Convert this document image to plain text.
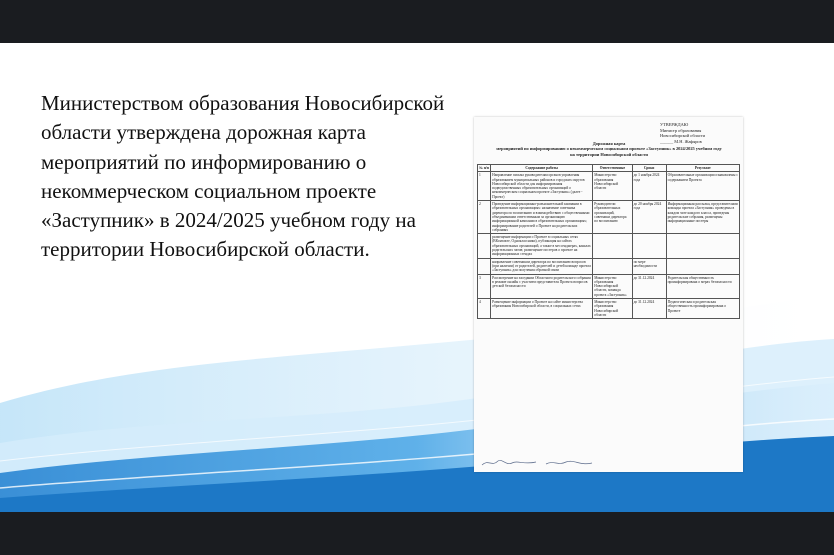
Министерством образования Новосибирской области утверждена дорожная карта мероприятий по информированию о некоммерческом социальном проекте «Заступник» в 2024/2025 учебном году на территории Новосибирской области.
УТВЕРЖДАЮ
Министр образования
Новосибирской области
______ М.Н. Жафяров
Дорожная карта
мероприятий по информированию о некоммерческом социальном проекте «Заступник» в 2024/2025 учебном году
на территории Новосибирской области
№ п/п	Содержание работы	Ответственные	Сроки	Результат
1	Направление письма руководителям органов управления образованием муниципальных районов и городских округов Новосибирской области для информирования подведомственных образовательных организаций о некоммерческом социальном проекте «Заступник» (далее - Проект)	Министерство образования Новосибирской области	до 1 ноября 2024 года	Образовательные организации ознакомлены с содержанием Проекта
2	Проведение информационно-разъяснительной кампании в образовательных организациях: назначение советника директора по воспитанию и взаимодействию с общественными объединениями ответственным за организацию информационной кампании в образовательных организациях; информирование родителей о Проекте на родительских собраниях	Руководители образовательных организаций, советники директора по воспитанию	до 20 ноября 2024 года	Информационная рассылка, представителями команды проекта «Заступник» проведены в каждом чате каждого класса, проведены родительские собрания, размещены информационные постеры
	размещение информации о Проекте в социальных сетях (ВКонтакте, Одноклассники), публикация на сайтах образовательных организаций, а также в мессенджерах, каналах родительских чатов; размещение постеров о проекте на информационных стендах			
	направление советником директора по воспитанию вопросов (при наличии) от родителей, родителей и детей команде проекта «Заступник» для получения обратной связи		по мере необходимости	
3	Рассмотрение на заседании Областного родительского собрания в режиме онлайн с участием представителя Проекта вопросов детской безопасности	Министерство образования Новосибирской области, команда проекта «Заступник»	до 31.12.2024	Родительская общественность проинформирована о мерах безопасности
4	Размещение информации о Проекте на сайте министерства образования Новосибирской области, в социальных сетях	Министерство образования Новосибирской области	до 31.12.2024	Педагогическая и родительская общественность проинформирована о Проекте
